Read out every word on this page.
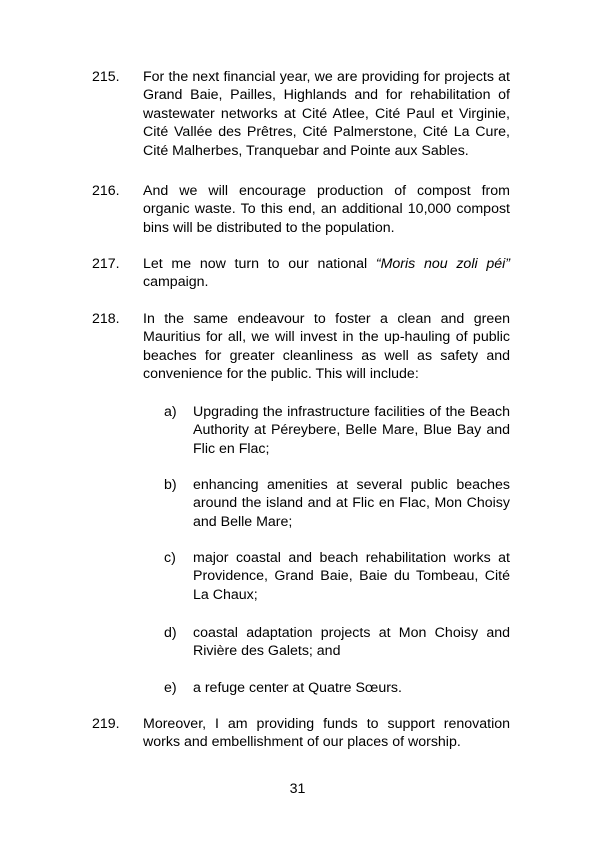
215.	For the next financial year, we are providing for projects at Grand Baie, Pailles, Highlands and for rehabilitation of wastewater networks at Cité Atlee, Cité Paul et Virginie, Cité Vallée des Prêtres, Cité Palmerstone, Cité La Cure, Cité Malherbes, Tranquebar and Pointe aux Sables.
216.	And we will encourage production of compost from organic waste. To this end, an additional 10,000 compost bins will be distributed to the population.
217.	Let me now turn to our national “Moris nou zoli péi” campaign.
218.	In the same endeavour to foster a clean and green Mauritius for all, we will invest in the up-hauling of public beaches for greater cleanliness as well as safety and convenience for the public. This will include:
a) Upgrading the infrastructure facilities of the Beach Authority at Péreybere, Belle Mare, Blue Bay and Flic en Flac;
b) enhancing amenities at several public beaches around the island and at Flic en Flac, Mon Choisy and Belle Mare;
c) major coastal and beach rehabilitation works at Providence, Grand Baie, Baie du Tombeau, Cité La Chaux;
d) coastal adaptation projects at Mon Choisy and Rivière des Galets; and
e) a refuge center at Quatre Sœurs.
219.	Moreover, I am providing funds to support renovation works and embellishment of our places of worship.
31
